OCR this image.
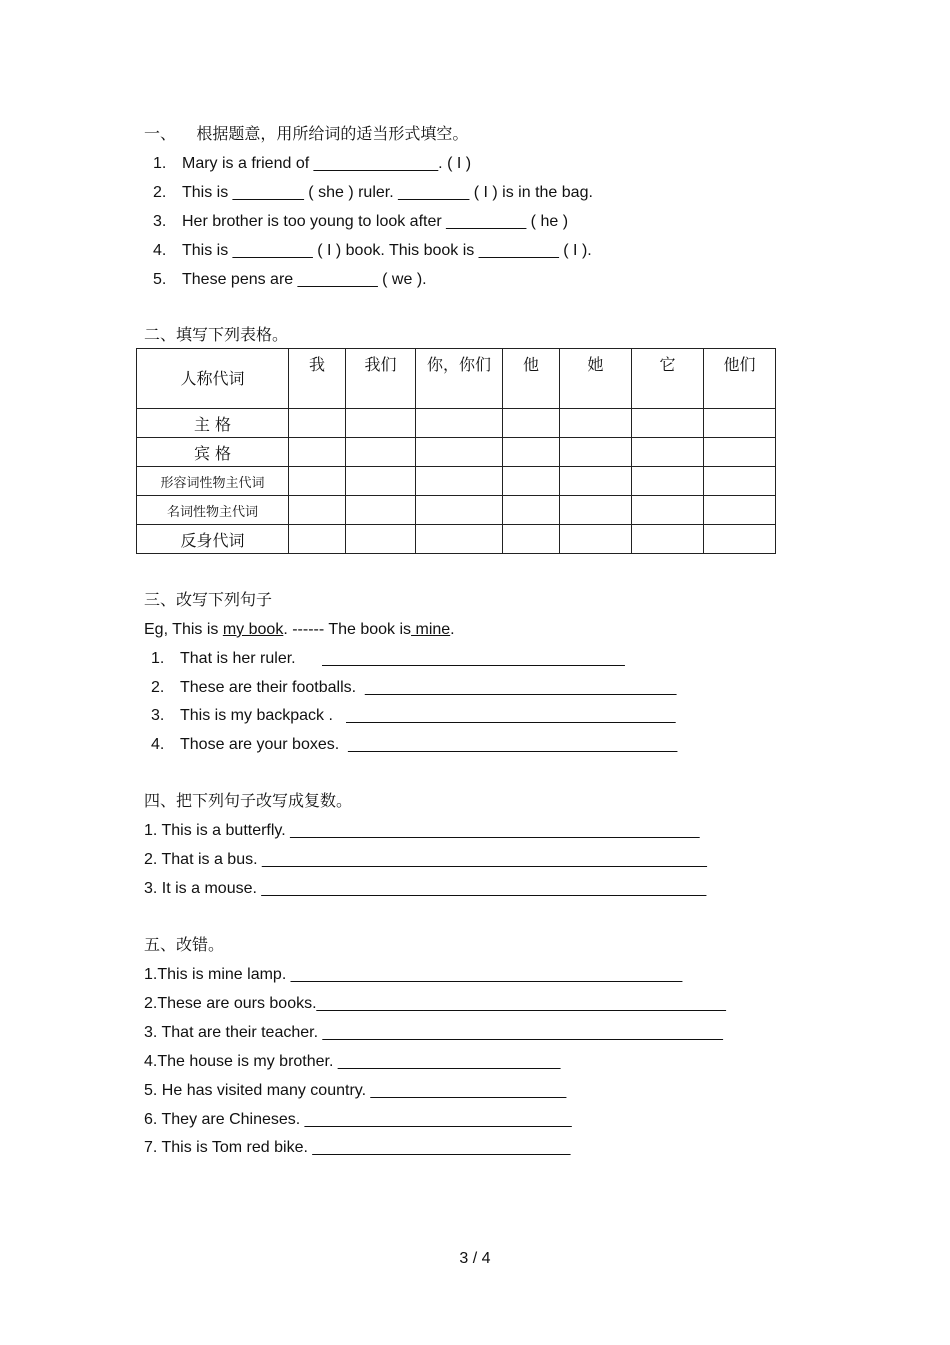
一、    根据题意，用所给词的适当形式填空。
1. Mary is a friend of ______________. ( I )
2. This is ________ ( she ) ruler. ________ ( I ) is in the bag.
3. Her brother is too young to look after _________ ( he )
4. This is _________ ( I ) book. This book is _________ ( I ).
5. These pens are _________ ( we ).
二、填写下列表格。
人称代词	我	我们	你，你们	他	她	它	他们
主 格							
宾 格							
形容词性物主代词							
名词性物主代词							
反身代词							
三、改写下列句子
Eg, This is my book. ------ The book is mine.
1. That is her ruler.      __________________________________
2. These are their footballs.  ___________________________________
3. This is my backpack .   _____________________________________
4. Those are your boxes.  _____________________________________
四、把下列句子改写成复数。
1. This is a butterfly. ______________________________________________
2. That is a bus. __________________________________________________
3. It is a mouse. __________________________________________________
五、改错。
1.This is mine lamp. ____________________________________________
2.These are ours books.______________________________________________
3. That are their teacher. _____________________________________________
4.The house is my brother. _________________________
5. He has visited many country. ______________________
6. They are Chineses. ______________________________
7. This is Tom red bike. _____________________________
3 / 4
